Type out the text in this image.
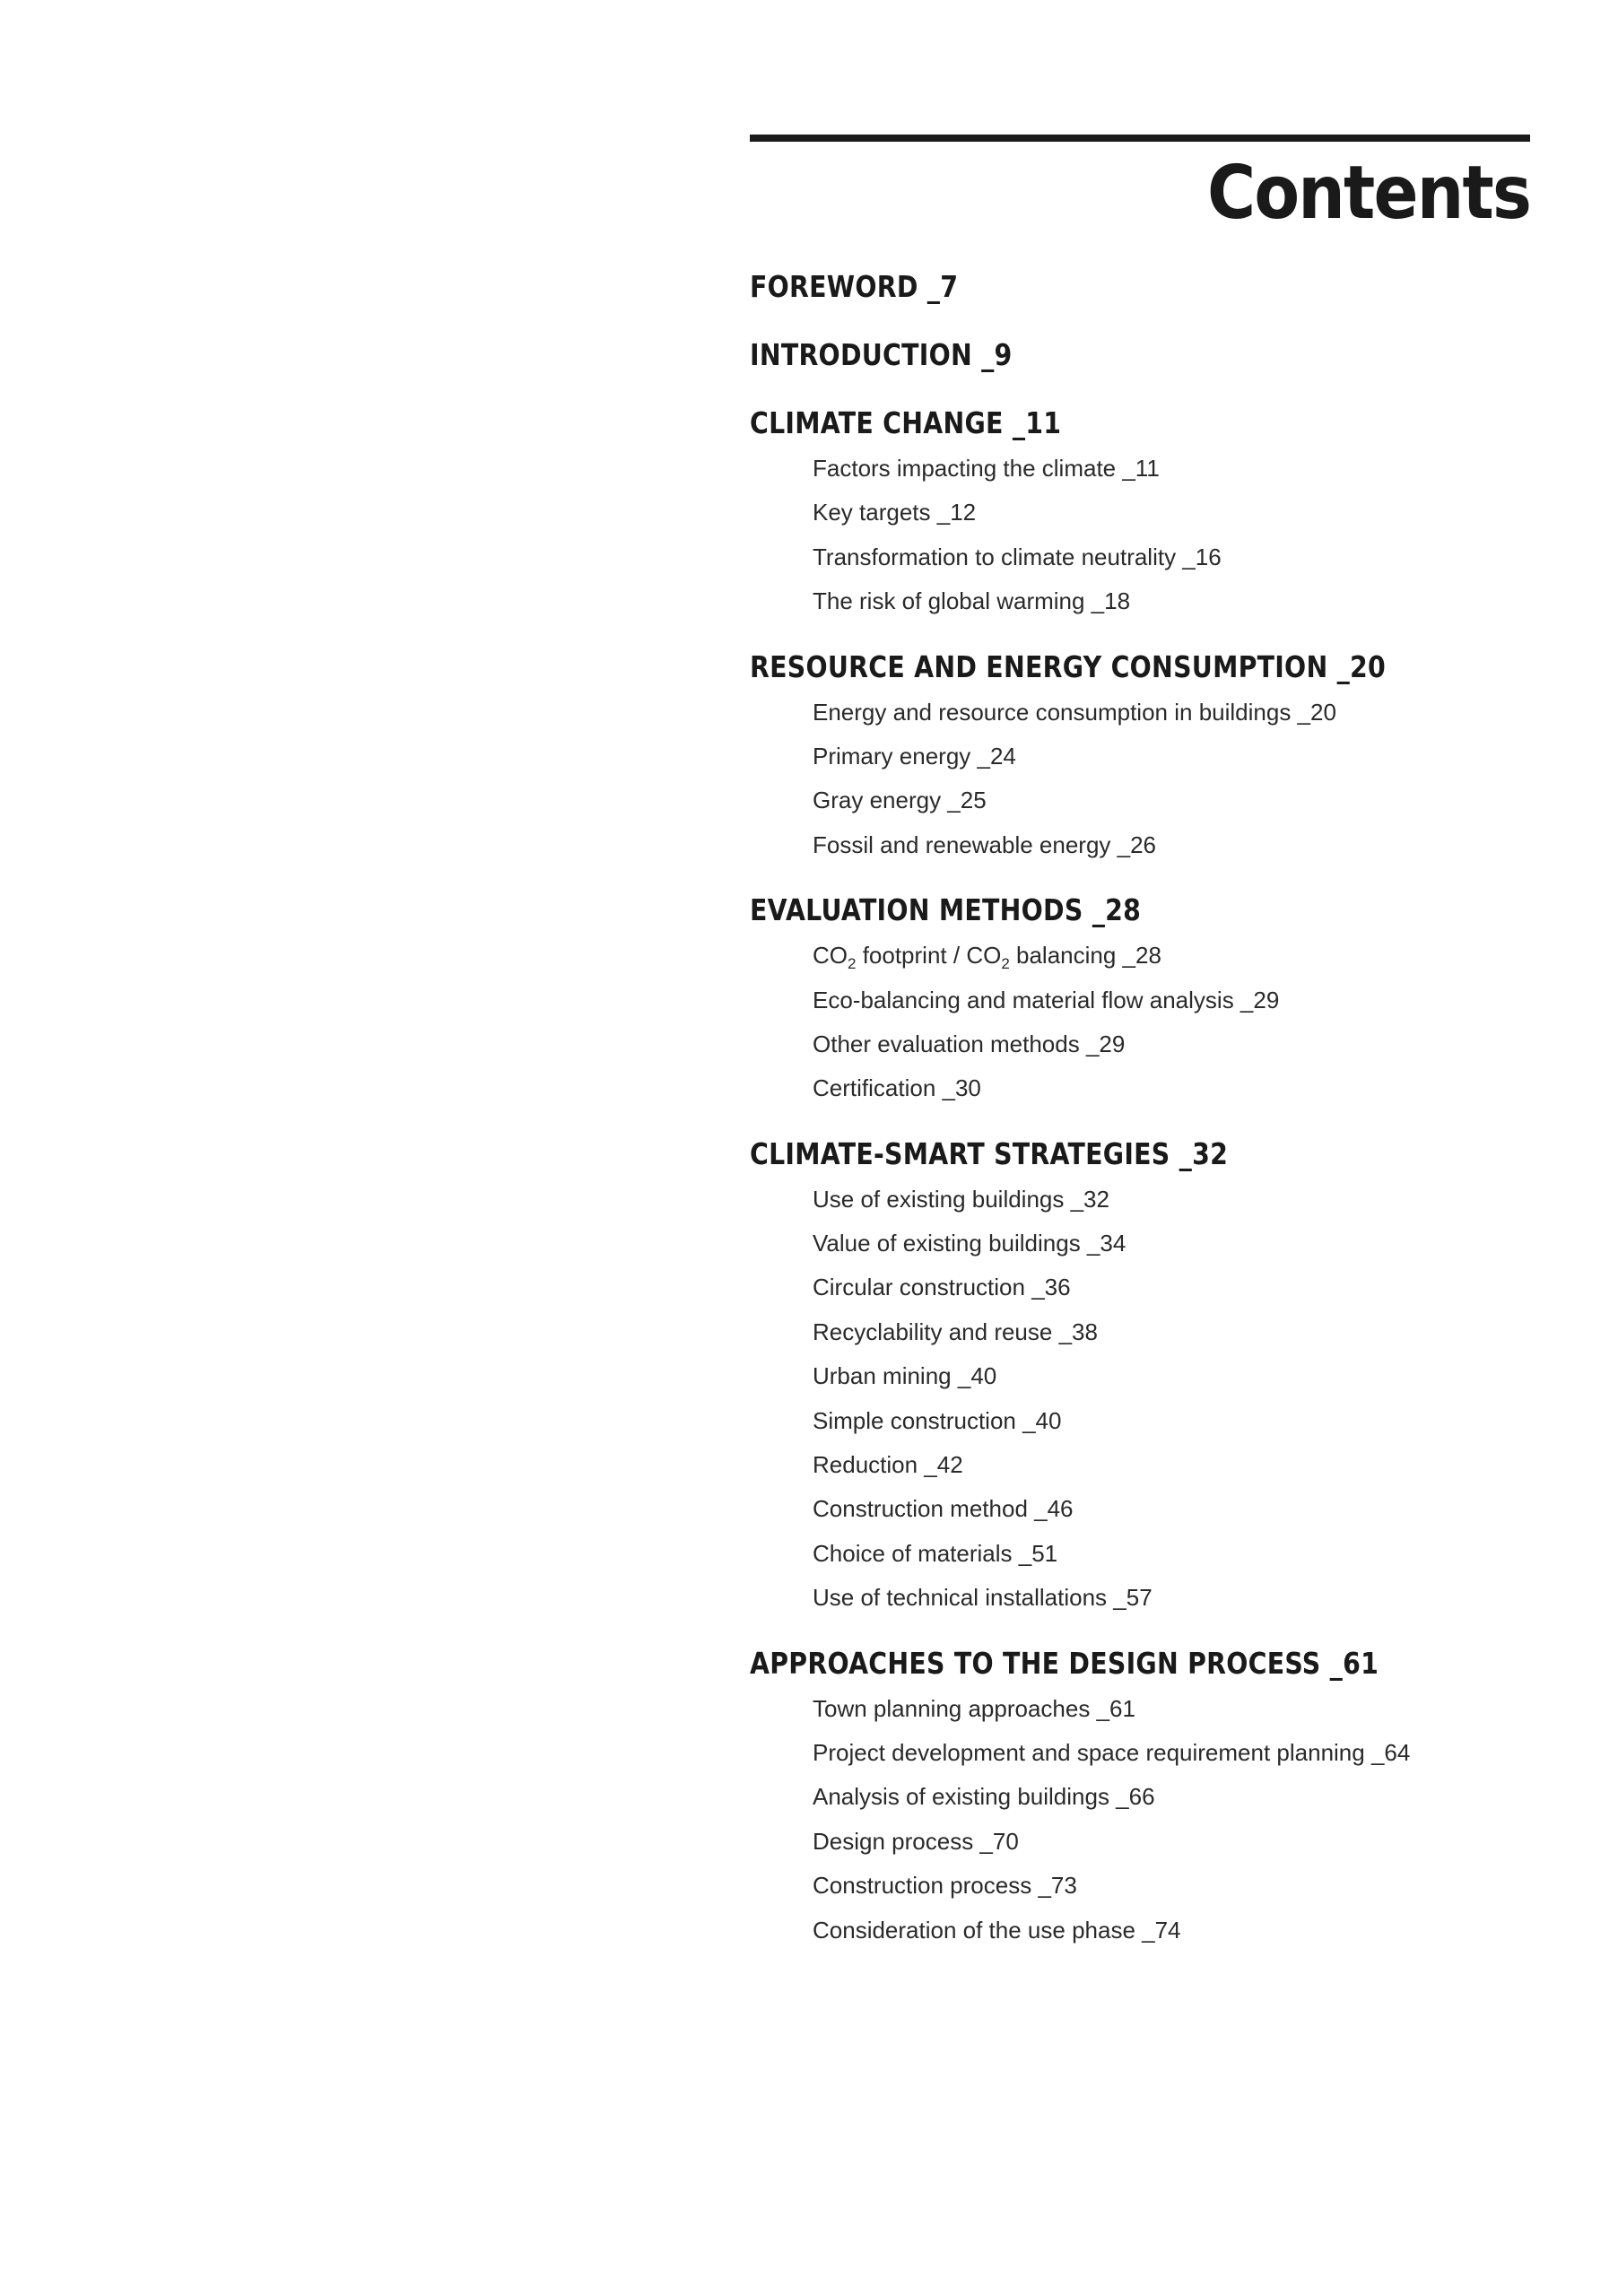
Contents
FOREWORD _7
INTRODUCTION _9
CLIMATE CHANGE _11
Factors impacting the climate _11
Key targets _12
Transformation to climate neutrality _16
The risk of global warming _18
RESOURCE AND ENERGY CONSUMPTION _20
Energy and resource consumption in buildings _20
Primary energy _24
Gray energy _25
Fossil and renewable energy _26
EVALUATION METHODS _28
$CO_2$ footprint / $CO_2$ balancing _28
Eco-balancing and material flow analysis _29
Other evaluation methods _29
Certification _30
CLIMATE-SMART STRATEGIES _32
Use of existing buildings _32
Value of existing buildings _34
Circular construction _36
Recyclability and reuse _38
Urban mining _40
Simple construction _40
Reduction _42
Construction method _46
Choice of materials _51
Use of technical installations _57
APPROACHES TO THE DESIGN PROCESS _61
Town planning approaches _61
Project development and space requirement planning _64
Analysis of existing buildings _66
Design process _70
Construction process _73
Consideration of the use phase _74
